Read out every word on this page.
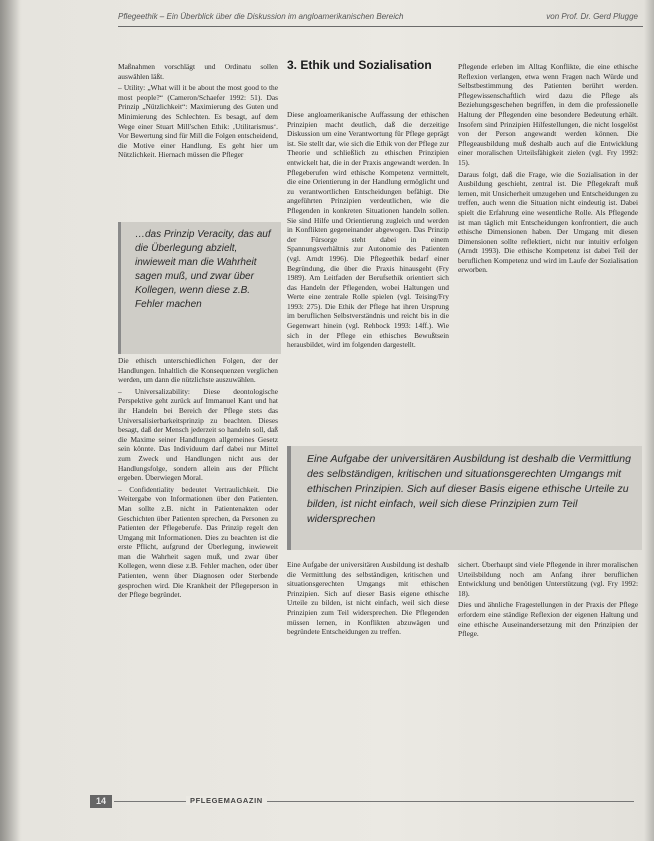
Pflegeethik – Ein Überblick über die Diskussion im angloamerikanischen Bereich	von Prof. Dr. Gerd Plugge

Maßnahmen vorschlägt und Ordinatu sollen auswählen läßt.

– Utility: „What will it be about the most good to the most people?“ (Cameron/Schaefer 1992: 51). Das Prinzip „Nützlichkeit“: Maximierung des Guten und Minimierung des Schlechten. Es besagt, auf dem Wege einer Stuart Mill'schen Ethik: ‚Utilitarismus‘. Vor Bewertung sind für Mill die Folgen entscheidend, die Motive einer Handlung. Es geht hier um Nützlichkeit. Hiernach müssen die Pfleger

…das Prinzip Veracity, das auf die Überlegung abzielt, inwieweit man die Wahrheit sagen muß, und zwar über Kollegen, wenn diese z.B. Fehler machen

Die ethisch unterschiedlichen Folgen, der der Handlungen. Inhaltlich die Konsequenzen verglichen werden, um dann die nützlichste auszuwählen.

– Universalizability: Diese deontologische Perspektive geht zurück auf Immanuel Kant und hat ihr Handeln bei Bereich der Pflege stets das Universalisierbarkeitsprinzip zu beachten. Dieses besagt, daß der Mensch jederzeit so handeln soll, daß die Maxime seiner Handlungen allgemeines Gesetz sein könnte. Das Individuum darf dabei nur Mittel zum Zweck und Handlungen nicht aus der Handlungsfolge, sondern allein aus der Pflicht ergeben. Überwiegen Moral.

– Confidentiality bedeutet Vertraulichkeit. Die Weitergabe von Informationen über den Patienten. Man sollte z.B. nicht in Patientenakten oder Geschichten über Patienten sprechen, da Personen zu Patienten der Pflegeberufe. Das Prinzip regelt den Umgang mit Informationen. Dies zu beachten ist die erste Pflicht, aufgrund der Überlegung, inwieweit man die Wahrheit sagen muß, und zwar über Kollegen, wenn diese z.B. Fehler machen, oder über Patienten, wenn über Diagnosen oder Sterbende gesprochen wird. Die Krankheit der Pflegeperson in der Pflege begründet.

3. Ethik und Sozialisation

Diese angloamerikanische Auffassung der ethischen Prinzipien macht deutlich, daß die derzeitige Diskussion um eine Verantwortung für Pflege geprägt ist. Sie stellt dar, wie sich die Ethik von der Pflege zur Theorie und schließlich zu ethischen Prinzipien entwickelt hat, die in der Praxis angewandt werden. In Pflegeberufen wird ethische Kompetenz vermittelt, die eine Orientierung in der Handlung ermöglicht und zu verantwortlichen Entscheidungen befähigt. Die angeführten Prinzipien verdeutlichen, wie die Pflegenden in konkreten Situationen handeln sollen. Sie sind Hilfe und Orientierung zugleich und werden in Konflikten gegeneinander abgewogen. Das Prinzip der Fürsorge steht dabei in einem Spannungsverhältnis zur Autonomie des Patienten (vgl. Arndt 1996). Die Pflegeethik bedarf einer Begründung, die über die Praxis hinausgeht (Fry 1989). Am Leitfaden der Berufsethik orientiert sich das Handeln der Pflegenden, wobei Haltungen und Werte eine zentrale Rolle spielen (vgl. Teising/Fry 1993: 275). Die Ethik der Pflege hat ihren Ursprung im beruflichen Selbstverständnis und reicht bis in die Gegenwart hinein (vgl. Rehbock 1993: 14ff.). Wie sich in der Pflege ein ethisches Bewußtsein herausbildet, wird im folgenden dargestellt.

Pflegende erleben im Alltag Konflikte, die eine ethische Reflexion verlangen, etwa wenn Fragen nach Würde und Selbstbestimmung des Patienten berührt werden. Pflegewissenschaftlich wird dazu die Pflege als Beziehungsgeschehen begriffen, in dem die professionelle Haltung der Pflegenden eine besondere Bedeutung erhält. Insofern sind Prinzipien Hilfestellungen, die nicht losgelöst von der Person angewandt werden können. Die Pflegeausbildung muß deshalb auch auf die Entwicklung einer moralischen Urteilsfähigkeit zielen (vgl. Fry 1992: 15).

Daraus folgt, daß die Frage, wie die Sozialisation in der Ausbildung geschieht, zentral ist. Die Pflegekraft muß lernen, mit Unsicherheit umzugehen und Entscheidungen zu treffen, auch wenn die Situation nicht eindeutig ist. Dabei spielt die Erfahrung eine wesentliche Rolle. Als Pflegende ist man täglich mit Entscheidungen konfrontiert, die auch ethische Dimensionen haben. Der Umgang mit diesen Dimensionen sollte reflektiert, nicht nur intuitiv erfolgen (Arndt 1993). Die ethische Kompetenz ist dabei Teil der beruflichen Kompetenz und wird im Laufe der Sozialisation erworben.

Eine Aufgabe der universitären Ausbildung ist deshalb die Vermittlung des selbständigen, kritischen und situationsgerechten Umgangs mit ethischen Prinzipien. Sich auf dieser Basis eigene ethische Urteile zu bilden, ist nicht einfach, weil sich diese Prinzipien zum Teil widersprechen

Eine Aufgabe der universitären Ausbildung ist deshalb die Vermittlung des selbständigen, kritischen und situationsgerechten Umgangs mit ethischen Prinzipien. Sich auf dieser Basis eigene ethische Urteile zu bilden, ist nicht einfach, weil sich diese Prinzipien zum Teil widersprechen. Die Pflegenden müssen lernen, in Konflikten abzuwägen und begründete Entscheidungen zu treffen.

sichert. Überhaupt sind viele Pflegende in ihrer moralischen Urteilsbildung noch am Anfang ihrer beruflichen Entwicklung und benötigen Unterstützung (vgl. Fry 1992: 18).

Dies und ähnliche Fragestellungen in der Praxis der Pflege erfordern eine ständige Reflexion der eigenen Haltung und eine ethische Auseinandersetzung mit den Prinzipien der Pflege.

14	PFLEGEMAGAZIN
